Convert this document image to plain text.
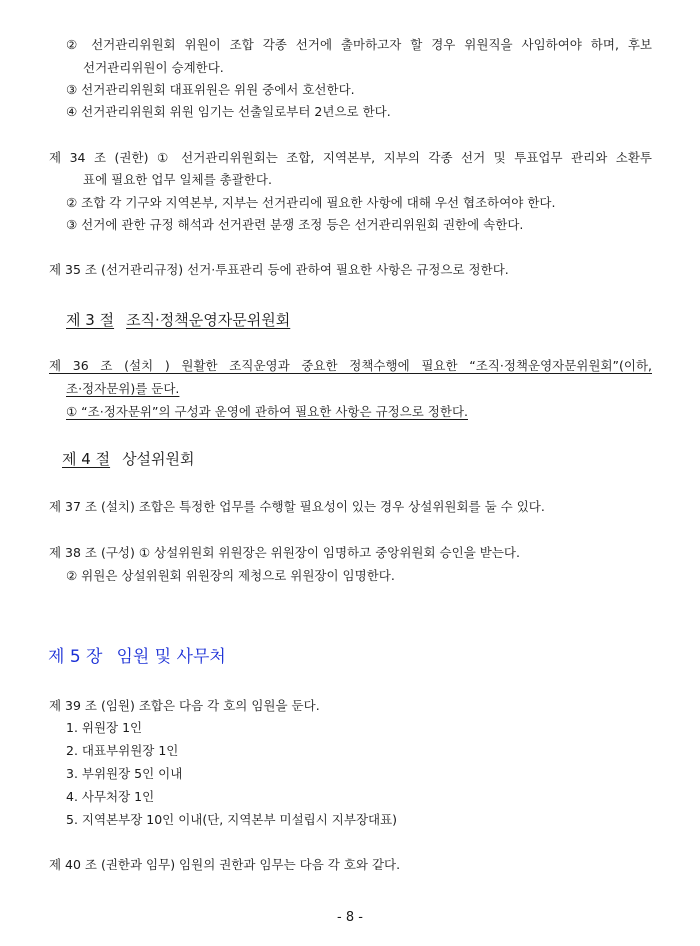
② 선거관리위원회 위원이 조합 각종 선거에 출마하고자 할 경우 위원직을 사임하여야 하며, 후보
선거관리위원이 승계한다.
③ 선거관리위원회 대표위원은 위원 중에서 호선한다.
④ 선거관리위원회 위원 임기는 선출일로부터 2년으로 한다.
제 34 조 (권한) ① 선거관리위원회는 조합, 지역본부, 지부의 각종 선거 및 투표업무 관리와 소환투
표에 필요한 업무 일체를 총괄한다.
② 조합 각 기구와 지역본부, 지부는 선거관리에 필요한 사항에 대해 우선 협조하여야 한다.
③ 선거에 관한 규정 해석과 선거관련 분쟁 조정 등은 선거관리위원회 권한에 속한다.
제 35 조 (선거관리규정) 선거·투표관리 등에 관하여 필요한 사항은 규정으로 정한다.
제 3 절 조직·정책운영자문위원회
제 36 조 (설치 ) 원활한 조직운영과 중요한 정책수행에 필요한 “조직·정책운영자문위원회”(이하,
조·정자문위)를 둔다.
① “조·정자문위”의 구성과 운영에 관하여 필요한 사항은 규정으로 정한다.
제 4 절 상설위원회
제 37 조 (설치) 조합은 특정한 업무를 수행할 필요성이 있는 경우 상설위원회를 둘 수 있다.
제 38 조 (구성) ① 상설위원회 위원장은 위원장이 임명하고 중앙위원회 승인을 받는다.
② 위원은 상설위원회 위원장의 제청으로 위원장이 임명한다.
제 5 장 임원 및 사무처
제 39 조 (임원) 조합은 다음 각 호의 임원을 둔다.
1. 위원장 1인
2. 대표부위원장 1인
3. 부위원장 5인 이내
4. 사무처장 1인
5. 지역본부장 10인 이내(단, 지역본부 미설립시 지부장대표)
제 40 조 (권한과 임무) 임원의 권한과 임무는 다음 각 호와 같다.
- 8 -
